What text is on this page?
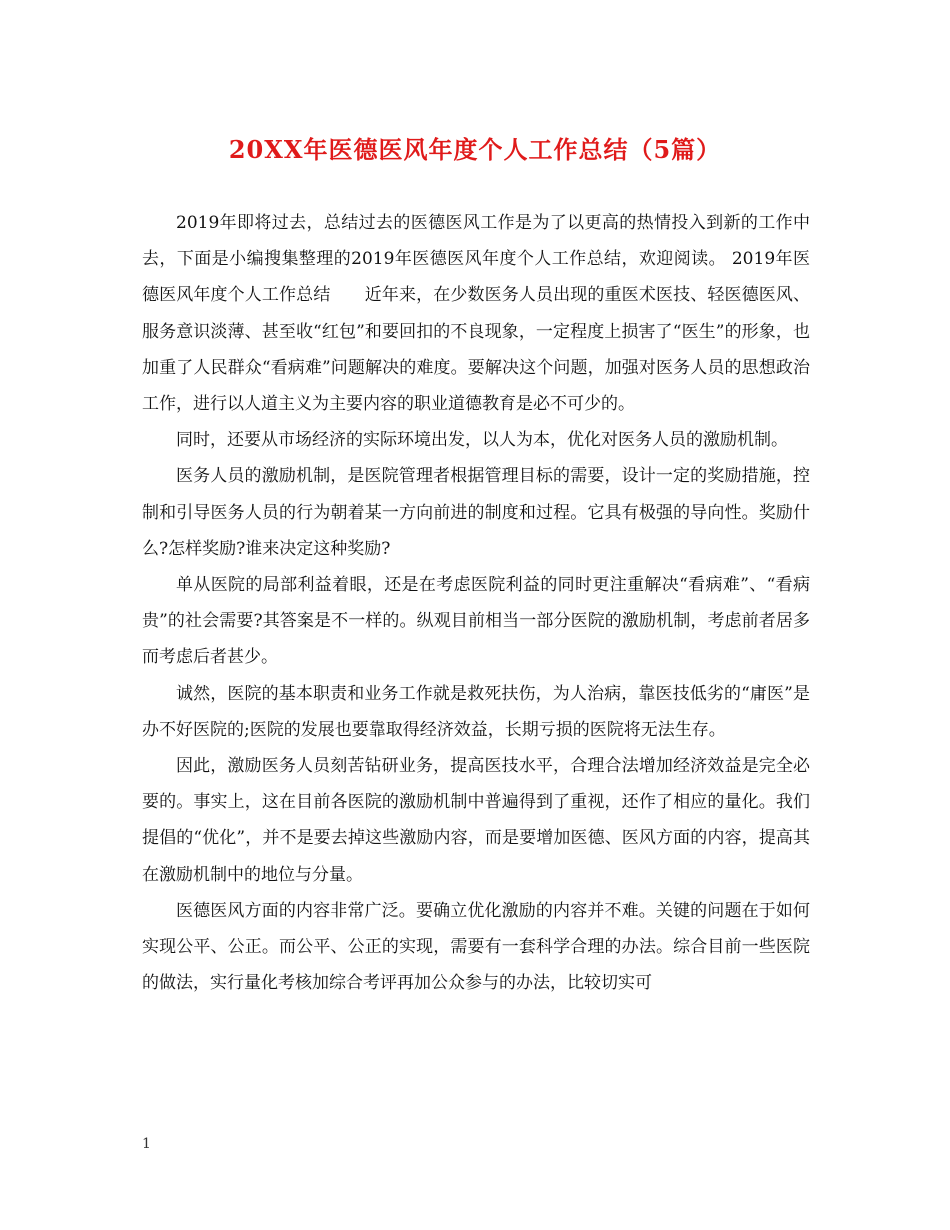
20XX年医德医风年度个人工作总结（5篇）

2019年即将过去，总结过去的医德医风工作是为了以更高的热情投入到新的工作中去，下面是小编搜集整理的2019年医德医风年度个人工作总结，欢迎阅读。 2019年医德医风年度个人工作总结　　近年来，在少数医务人员出现的重医术医技、轻医德医风、服务意识淡薄、甚至收“红包”和要回扣的不良现象，一定程度上损害了“医生”的形象，也加重了人民群众“看病难”问题解决的难度。要解决这个问题，加强对医务人员的思想政治工作，进行以人道主义为主要内容的职业道德教育是必不可少的。

同时，还要从市场经济的实际环境出发，以人为本，优化对医务人员的激励机制。

医务人员的激励机制，是医院管理者根据管理目标的需要，设计一定的奖励措施，控制和引导医务人员的行为朝着某一方向前进的制度和过程。它具有极强的导向性。奖励什么?怎样奖励?谁来决定这种奖励?

单从医院的局部利益着眼，还是在考虑医院利益的同时更注重解决“看病难”、“看病贵”的社会需要?其答案是不一样的。纵观目前相当一部分医院的激励机制，考虑前者居多而考虑后者甚少。

诚然，医院的基本职责和业务工作就是救死扶伤，为人治病，靠医技低劣的“庸医”是办不好医院的;医院的发展也要靠取得经济效益，长期亏损的医院将无法生存。

因此，激励医务人员刻苦钻研业务，提高医技水平，合理合法增加经济效益是完全必要的。事实上，这在目前各医院的激励机制中普遍得到了重视，还作了相应的量化。我们提倡的“优化”，并不是要去掉这些激励内容，而是要增加医德、医风方面的内容，提高其在激励机制中的地位与分量。

医德医风方面的内容非常广泛。要确立优化激励的内容并不难。关键的问题在于如何实现公平、公正。而公平、公正的实现，需要有一套科学合理的办法。综合目前一些医院的做法，实行量化考核加综合考评再加公众参与的办法，比较切实可

1
